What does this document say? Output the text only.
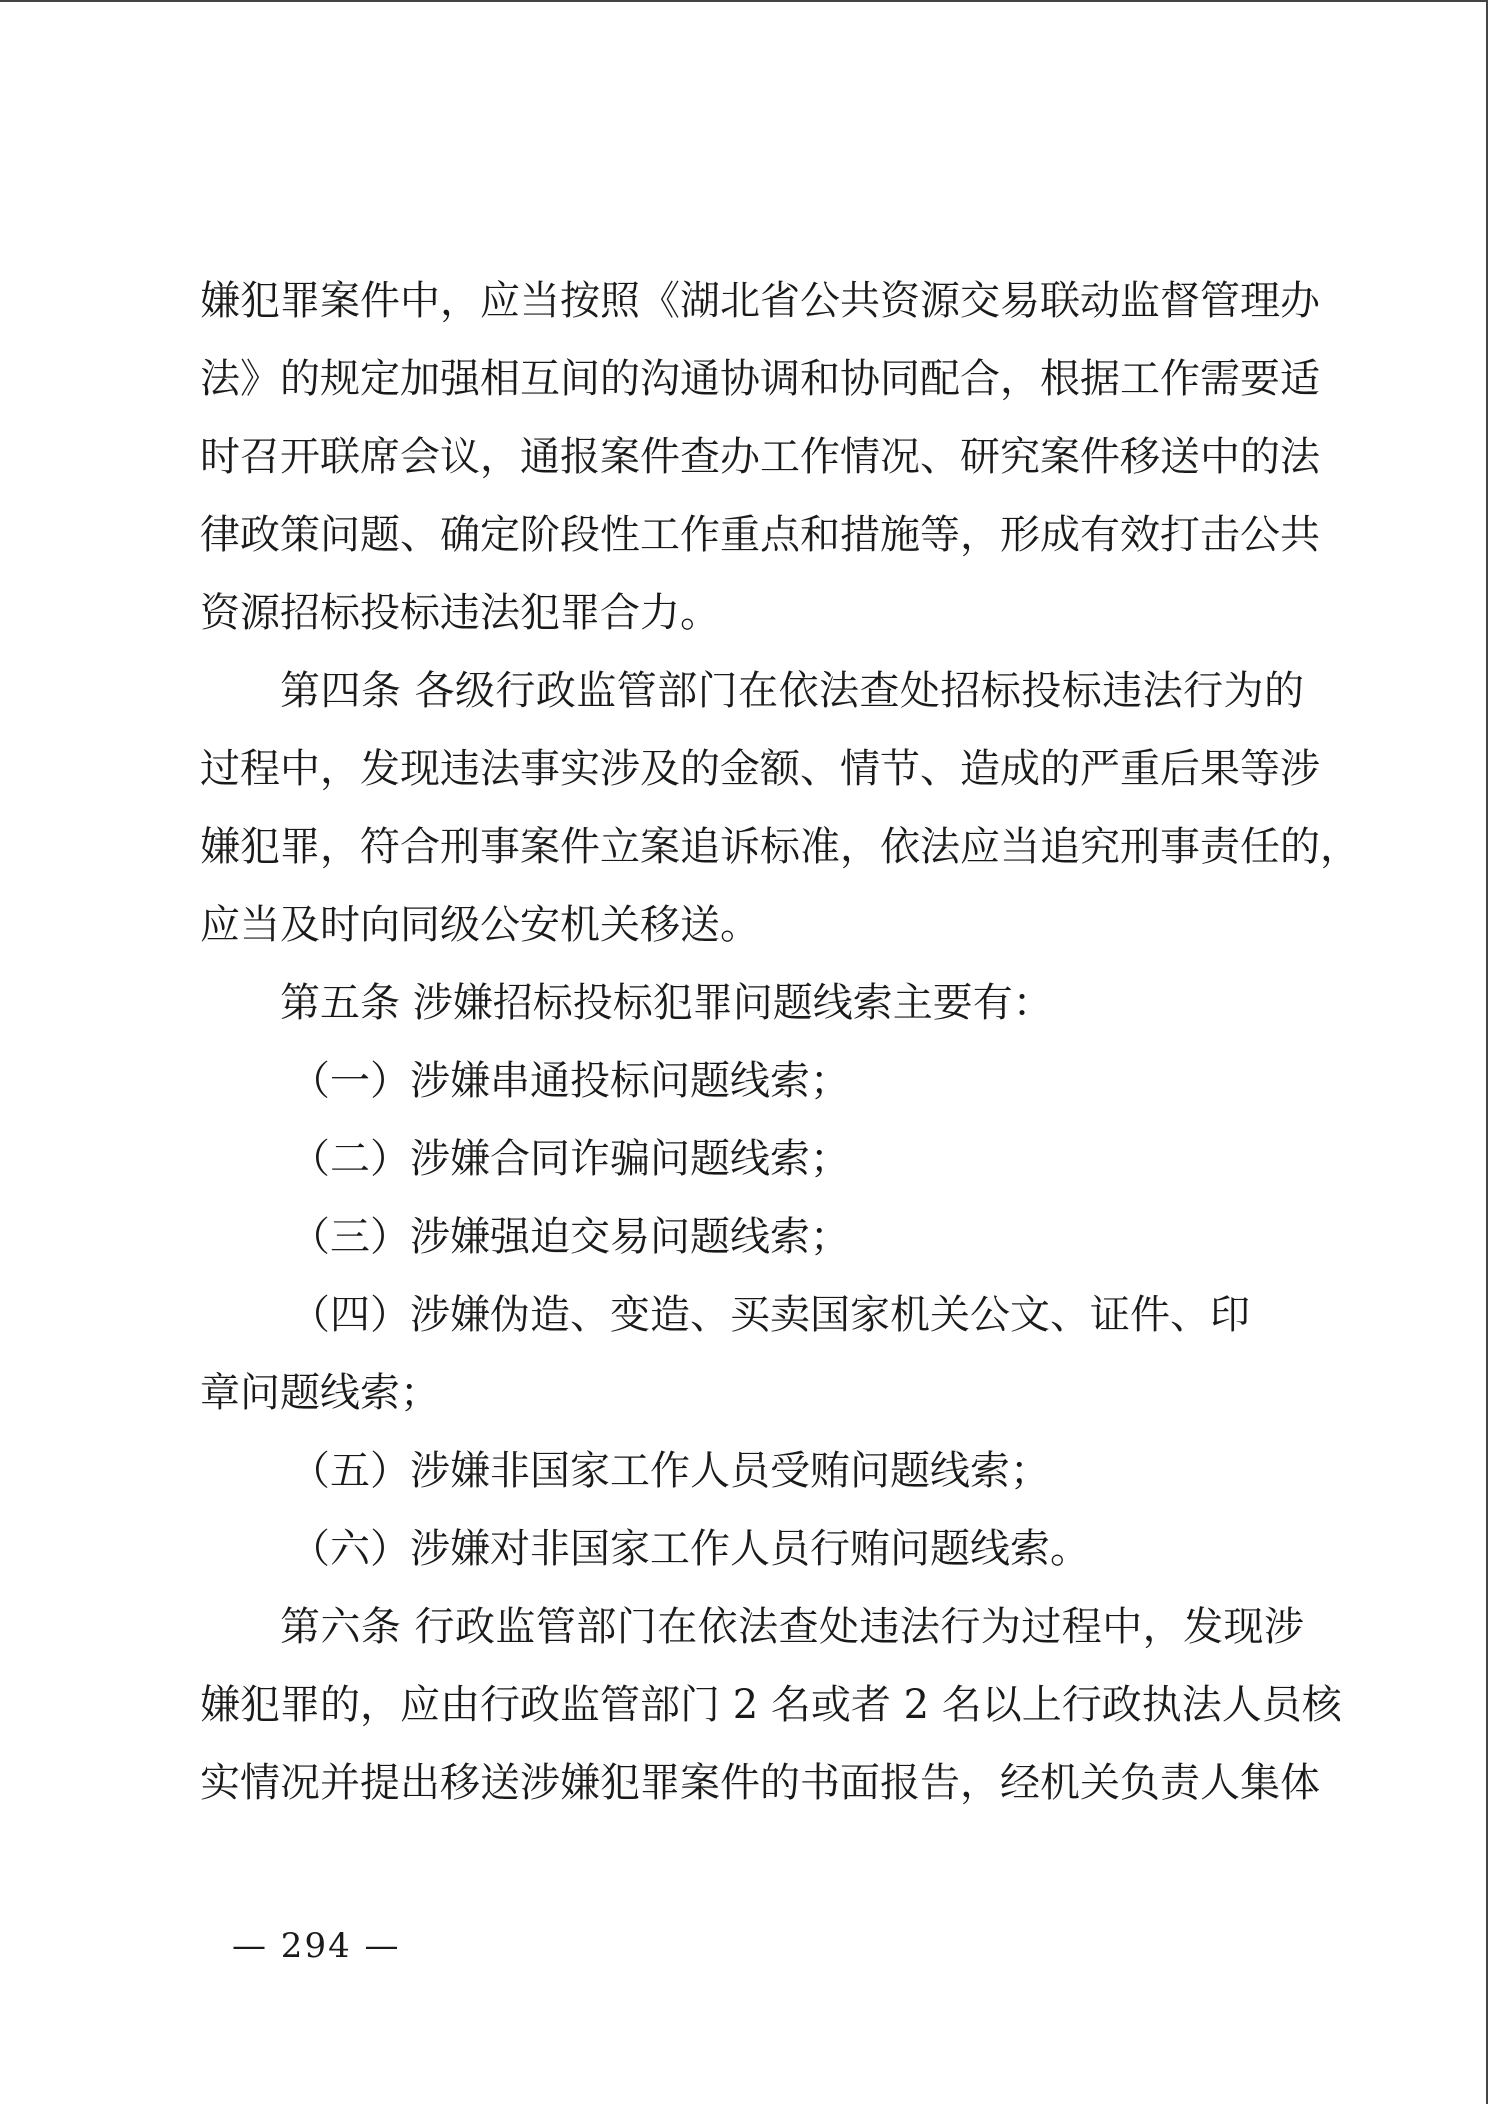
嫌犯罪案件中，应当按照《湖北省公共资源交易联动监督管理办
法》的规定加强相互间的沟通协调和协同配合，根据工作需要适
时召开联席会议，通报案件查办工作情况、研究案件移送中的法
律政策问题、确定阶段性工作重点和措施等，形成有效打击公共
资源招标投标违法犯罪合力。
第四条 各级行政监管部门在依法查处招标投标违法行为的
过程中，发现违法事实涉及的金额、情节、造成的严重后果等涉
嫌犯罪，符合刑事案件立案追诉标准，依法应当追究刑事责任的，
应当及时向同级公安机关移送。
第五条 涉嫌招标投标犯罪问题线索主要有：
（一）涉嫌串通投标问题线索；
（二）涉嫌合同诈骗问题线索；
（三）涉嫌强迫交易问题线索；
（四）涉嫌伪造、变造、买卖国家机关公文、证件、印
章问题线索；
（五）涉嫌非国家工作人员受贿问题线索；
（六）涉嫌对非国家工作人员行贿问题线索。
第六条 行政监管部门在依法查处违法行为过程中，发现涉
嫌犯罪的，应由行政监管部门 2 名或者 2 名以上行政执法人员核
实情况并提出移送涉嫌犯罪案件的书面报告，经机关负责人集体
— 294 —
